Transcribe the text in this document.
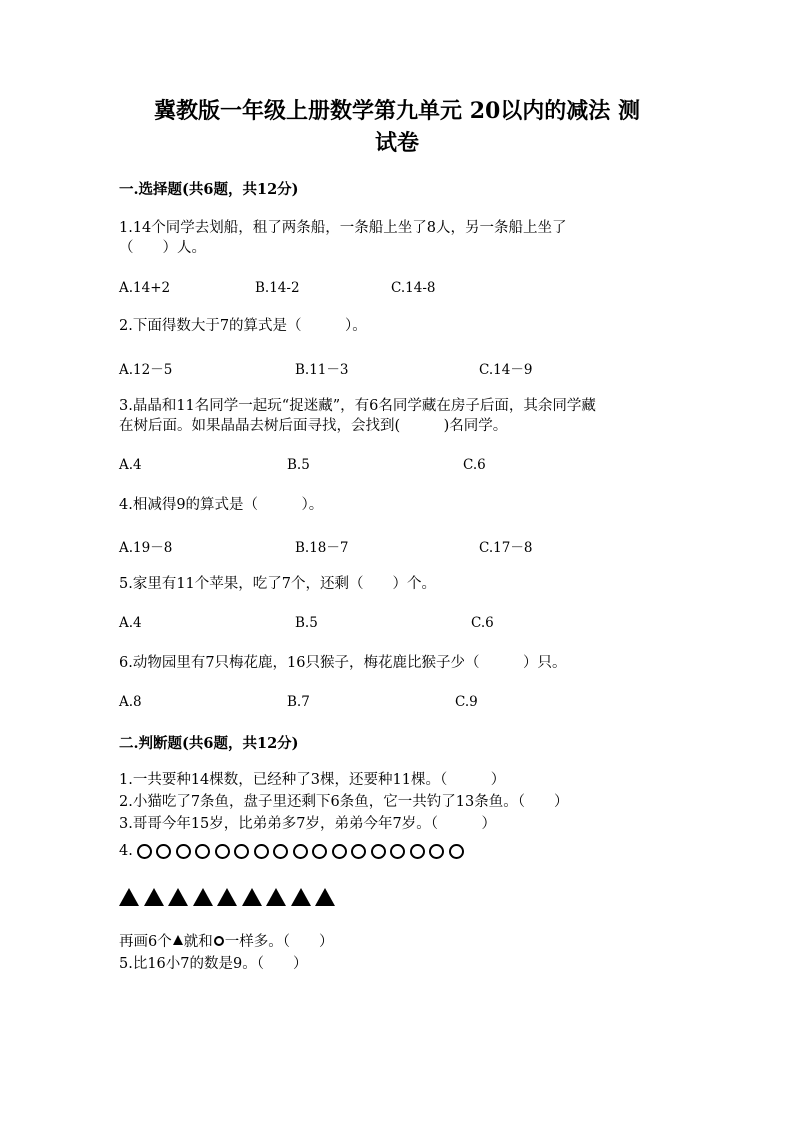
冀教版一年级上册数学第九单元 20以内的减法 测
试卷

一.选择题(共6题，共12分)

1.14个同学去划船，租了两条船，一条船上坐了8人，另一条船上坐了

（　　）人。

A.14+2	B.14-2	C.14-8

2.下面得数大于7的算式是（　　　）。

A.12－5	B.11－3	C.14－9

3.晶晶和11名同学一起玩“捉迷藏”，有6名同学藏在房子后面，其余同学藏

在树后面。如果晶晶去树后面寻找，会找到(　　　)名同学。

A.4	B.5	C.6

4.相减得9的算式是（　　　）。

A.19－8	B.18－7	C.17－8

5.家里有11个苹果，吃了7个，还剩（　　）个。

A.4	B.5	C.6

6.动物园里有7只梅花鹿，16只猴子，梅花鹿比猴子少（　　　）只。

A.8	B.7	C.9

二.判断题(共6题，共12分)

1.一共要种14棵数，已经种了3棵，还要种11棵。（　　　）

2.小猫吃了7条鱼，盘子里还剩下6条鱼，它一共钓了13条鱼。（　　）

3.哥哥今年15岁，比弟弟多7岁，弟弟今年7岁。（　　　）

4.

再画6个 就和 一样多。（　　）

5.比16小7的数是9。（　　）
